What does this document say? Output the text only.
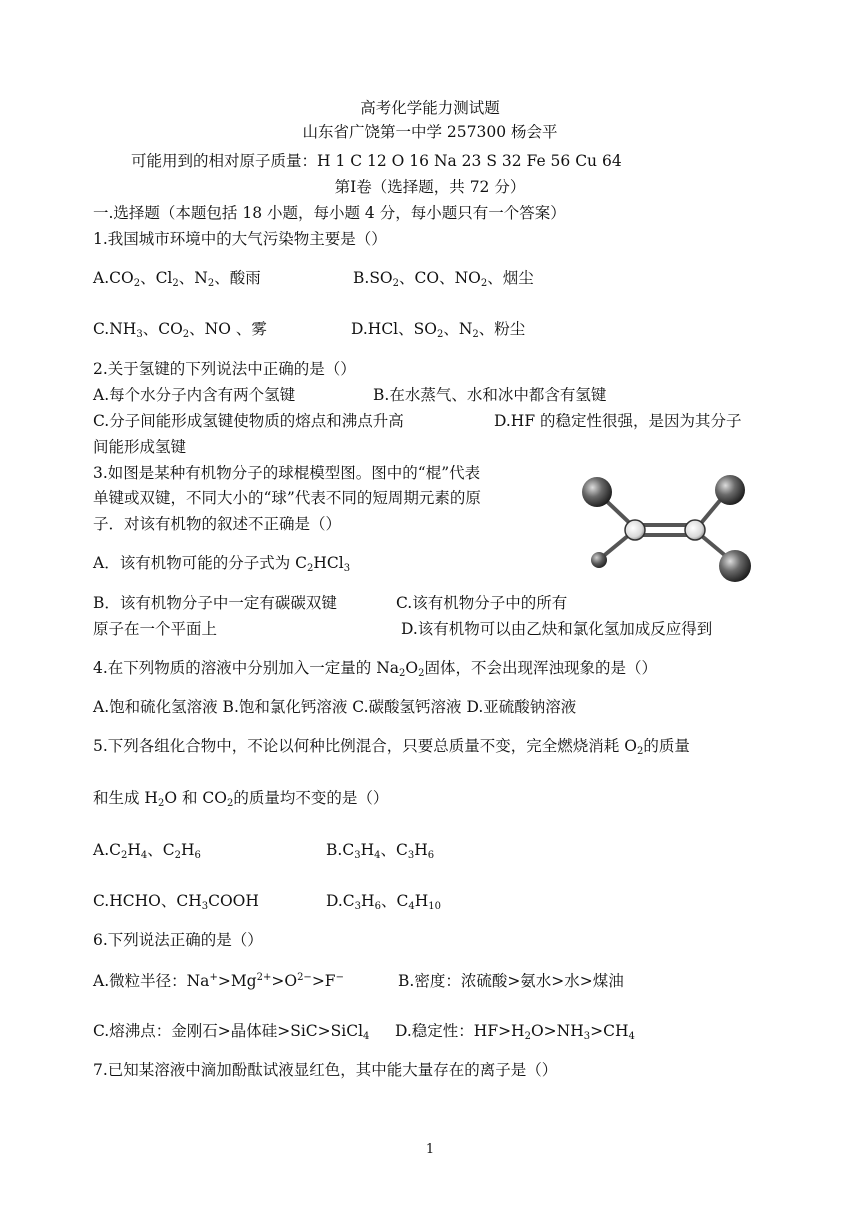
高考化学能力测试题
山东省广饶第一中学 257300 杨会平
可能用到的相对原子质量：H 1 C 12 O 16 Na 23 S 32 Fe 56 Cu 64
第Ⅰ卷（选择题，共 72 分）
一.选择题（本题包括 18 小题，每小题 4 分，每小题只有一个答案）
1.我国城市环境中的大气污染物主要是（）
$A.CO_2$、$Cl_2$、$N_2$、酸雨	$B.SO_2$、CO、$NO_2$、烟尘
$C.NH_3$、$CO_2$、NO 、雾	D.HCl、$SO_2$、$N_2$、粉尘
2.关于氢键的下列说法中正确的是（）
A.每个水分子内含有两个氢键	B.在水蒸气、水和冰中都含有氢键
C.分子间能形成氢键使物质的熔点和沸点升高	D.HF 的稳定性很强，是因为其分子
间能形成氢键
3.如图是某种有机物分子的球棍模型图。图中的“棍”代表
单键或双键，不同大小的“球”代表不同的短周期元素的原
子．对该有机物的叙述不正确是（）
A．该有机物可能的分子式为 $C_2HCl_3$
B．该有机物分子中一定有碳碳双键	C.该有机物分子中的所有
原子在一个平面上	D.该有机物可以由乙炔和氯化氢加成反应得到
4.在下列物质的溶液中分别加入一定量的 $Na_2O_2$固体，不会出现浑浊现象的是（）
A.饱和硫化氢溶液 B.饱和氯化钙溶液 C.碳酸氢钙溶液 D.亚硫酸钠溶液
5.下列各组化合物中，不论以何种比例混合，只要总质量不变，完全燃烧消耗 $O_2$的质量
和生成 $H_2O$ 和 $CO_2$的质量均不变的是（）
$A.C_2H_4$、$C_2H_6$	$B.C_3H_4$、$C_3H_6$
C.HCHO、$CH_3COOH$	$D.C_3H_6$、$C_4H_{10}$
6.下列说法正确的是（）
A.微粒半径：$Na^+>Mg^{2+}>O^{2-}>F^-$	B.密度：浓硫酸>氨水>水>煤油
C.熔沸点：金刚石>晶体硅>SiC>SiCl$_4$ D.稳定性：$HF>H_2O>NH_3>CH_4$
7.已知某溶液中滴加酚酞试液显红色，其中能大量存在的离子是（）
1
